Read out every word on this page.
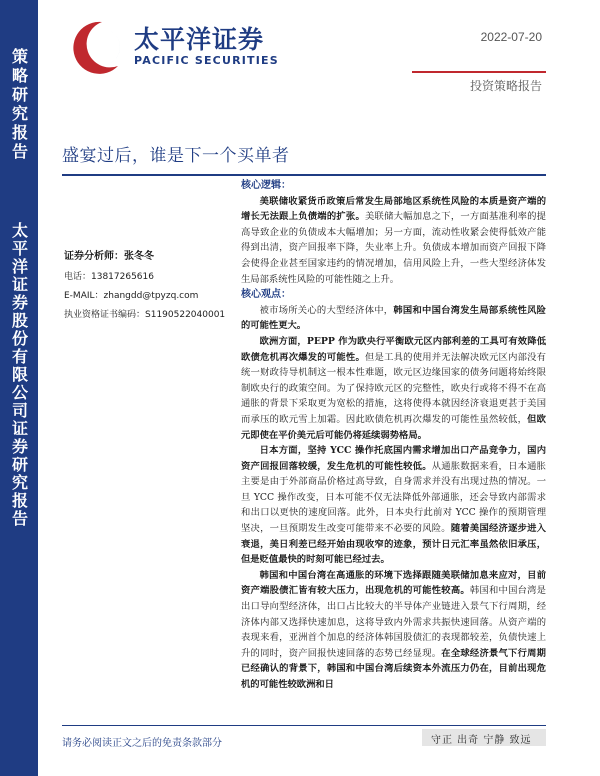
策略研究报告
太平洋证券股份有限公司证券研究报告
太平洋证券
PACIFIC SECURITIES
2022-07-20
投资策略报告
盛宴过后，谁是下一个买单者
证券分析师：张冬冬
电话：13817265616
E-MAIL：zhangdd@tpyzq.com
执业资格证书编码：S1190522040001
核心逻辑：

美联储收紧货币政策后常发生局部地区系统性风险的本质是资产端的增长无法跟上负债端的扩张。美联储大幅加息之下，一方面基准利率的提高导致企业的负债成本大幅增加；另一方面，流动性收紧会使得低效产能得到出清，资产回报率下降，失业率上升。负债成本增加而资产回报下降会使得企业甚至国家违约的情况增加，信用风险上升，一些大型经济体发生局部系统性风险的可能性随之上升。

核心观点：

被市场所关心的大型经济体中，韩国和中国台湾发生局部系统性风险的可能性更大。

欧洲方面，PEPP 作为欧央行平衡欧元区内部利差的工具可有效降低欧债危机再次爆发的可能性。但是工具的使用并无法解决欧元区内部没有统一财政待导机制这一根本性难题，欧元区边缘国家的债务问题将始终限制欧央行的政策空间。为了保持欧元区的完整性，欧央行或将不得不在高通胀的背景下采取更为宽松的措施，这将使得本就因经济衰退更甚于美国而承压的欧元雪上加霜。因此欧债危机再次爆发的可能性虽然较低，但欧元即使在平价美元后可能仍将延续弱势格局。

日本方面，坚持 YCC 操作托底国内需求增加出口产品竞争力，国内资产回报回落较缓，发生危机的可能性较低。从通胀数据来看，日本通胀主要是由于外部商品价格过高导致，自身需求并没有出现过热的情况。一旦 YCC 操作改变，日本可能不仅无法降低外部通胀，还会导致内部需求和出口以更快的速度回落。此外，日本央行此前对 YCC 操作的预期管理坚决，一旦预期发生改变可能带来不必要的风险。随着美国经济逐步进入衰退，美日利差已经开始由现收窄的迹象，预计日元汇率虽然依旧承压，但是贬值最快的时刻可能已经过去。

韩国和中国台湾在高通胀的环境下选择跟随美联储加息来应对，目前资产端股债汇皆有较大压力，出现危机的可能性较高。韩国和中国台湾是出口导向型经济体，出口占比较大的半导体产业链进入景气下行周期，经济体内部又选择快速加息，这将导致内外需求共振快速回落。从资产端的表现来看，亚洲首个加息的经济体韩国股债汇的表现都较差，负债快速上升的同时，资产回报快速回落的态势已经显现。在全球经济景气下行周期已经确认的背景下，韩国和中国台湾后续资本外流压力仍在，目前出现危机的可能性较欧洲和日

请务必阅读正文之后的免责条款部分	守正 出奇 宁静 致远
